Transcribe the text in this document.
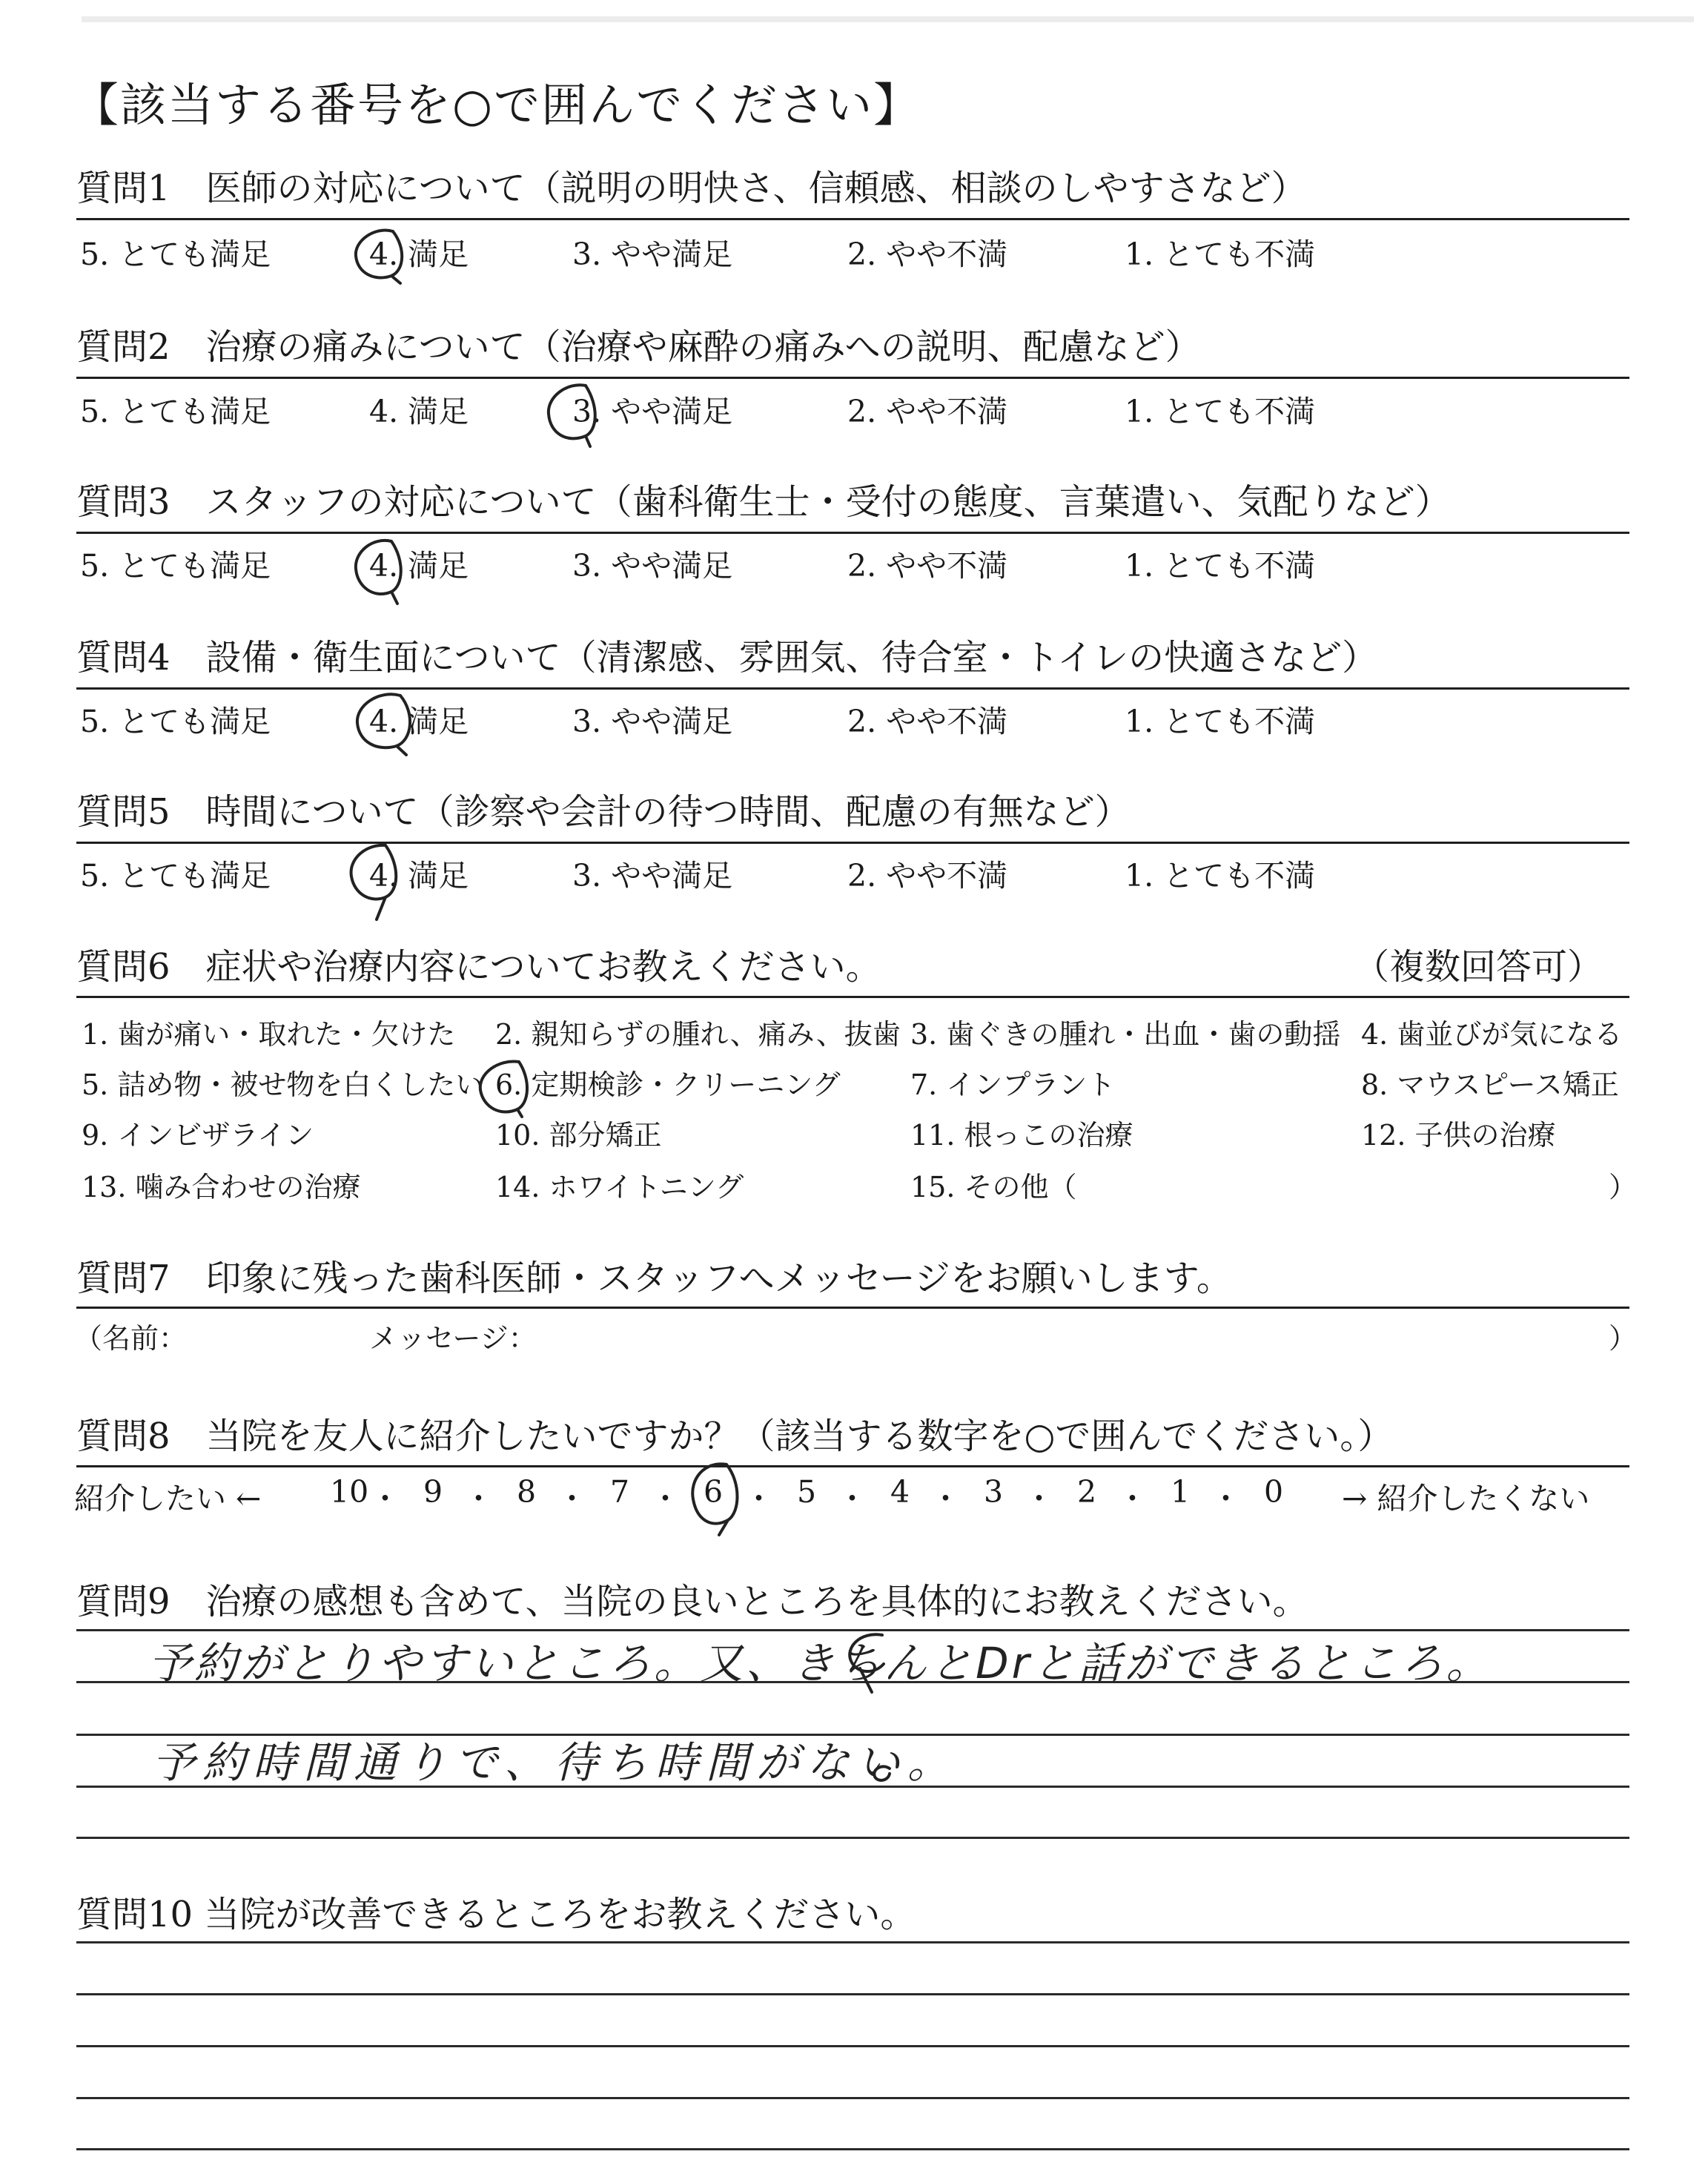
【該当する番号を○で囲んでください】
質問1　医師の対応について（説明の明快さ、信頼感、相談のしやすさなど）
5. とても満足	4. 満足	3. やや満足	2. やや不満	1. とても不満
質問2　治療の痛みについて（治療や麻酔の痛みへの説明、配慮など）
5. とても満足	4. 満足	3. やや満足	2. やや不満	1. とても不満
質問3　スタッフの対応について（歯科衛生士・受付の態度、言葉遣い、気配りなど）
5. とても満足	4. 満足	3. やや満足	2. やや不満	1. とても不満
質問4　設備・衛生面について（清潔感、雰囲気、待合室・トイレの快適さなど）
5. とても満足	4. 満足	3. やや満足	2. やや不満	1. とても不満
質問5　時間について（診察や会計の待つ時間、配慮の有無など）
5. とても満足	4. 満足	3. やや満足	2. やや不満	1. とても不満
質問6　症状や治療内容についてお教えください。	（複数回答可）
1. 歯が痛い・取れた・欠けた 2. 親知らずの腫れ、痛み、抜歯 3. 歯ぐきの腫れ・出血・歯の動揺 4. 歯並びが気になる
5. 詰め物・被せ物を白くしたい 6. 定期検診・クリーニング 7. インプラント	8. マウスピース矯正
9. インビザライン	10. 部分矯正	11. 根っこの治療	12. 子供の治療
13. 噛み合わせの治療	14. ホワイトニング	15. その他（	）
質問7　印象に残った歯科医師・スタッフへメッセージをお願いします。
（名前：	メッセージ：	）
質問8　当院を友人に紹介したいですか？（該当する数字を○で囲んでください。）
紹介したい ← 10 ・ 9 ・ 8 ・ 7 ・ 6 ・ 5 ・ 4 ・ 3 ・ 2 ・ 1 ・ 0 → 紹介したくない
質問9　治療の感想も含めて、当院の良いところを具体的にお教えください。
予約がとりやすいところ。又、きちんとDrと話ができるところ。
予約時間通りで、待ち時間がない。
質問10 当院が改善できるところをお教えください。
